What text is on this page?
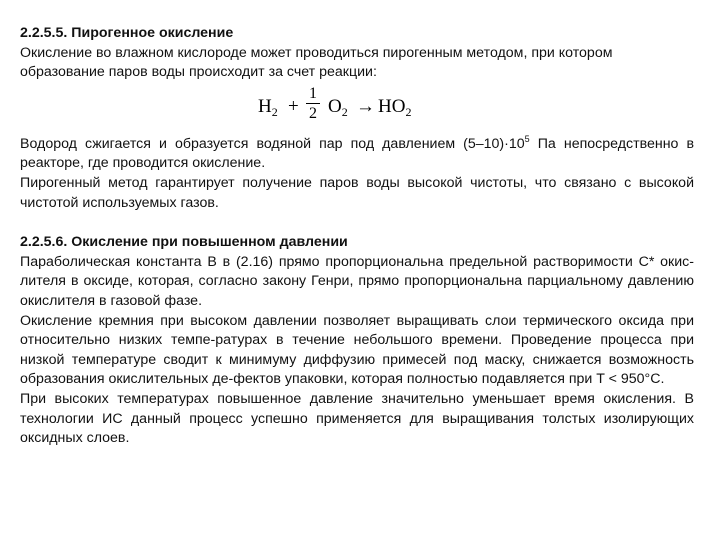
2.2.5.5. Пирогенное окисление

Окисление во влажном кислороде может проводиться пирогенным методом, при котором образование паров воды происходит за счет реакции:

$H_2$ +
1
2 $O_2 \to HO_2$

Водород сжигается и образуется водяной пар под давлением $(5-10)\cdot 10^5$ Па непосредственно в реакторе, где проводится окисление.

Пирогенный метод гарантирует получение паров воды высокой чистоты, что связано с высокой чистотой используемых газов.

2.2.5.6. Окисление при повышенном давлении

Параболическая константа B в (2.16) прямо пропорциональна предельной растворимости C* окис-лителя в оксиде, которая, согласно закону Генри, прямо пропорциональна парциальному давлению окислителя в газовой фазе.

Окисление кремния при высоком давлении позволяет выращивать слои термического оксида при относительно низких темпе-ратурах в течение небольшого времени. Проведение процесса при низкой температуре сводит к минимуму диффузию примесей под маску, снижается возможность образования окислительных де-фектов упаковки, которая полностью подавляется при T < 950°C.

При высоких температурах повышенное давление значительно уменьшает время окисления. В технологии ИС данный процесс успешно применяется для выращивания толстых изолирующих оксидных слоев.
